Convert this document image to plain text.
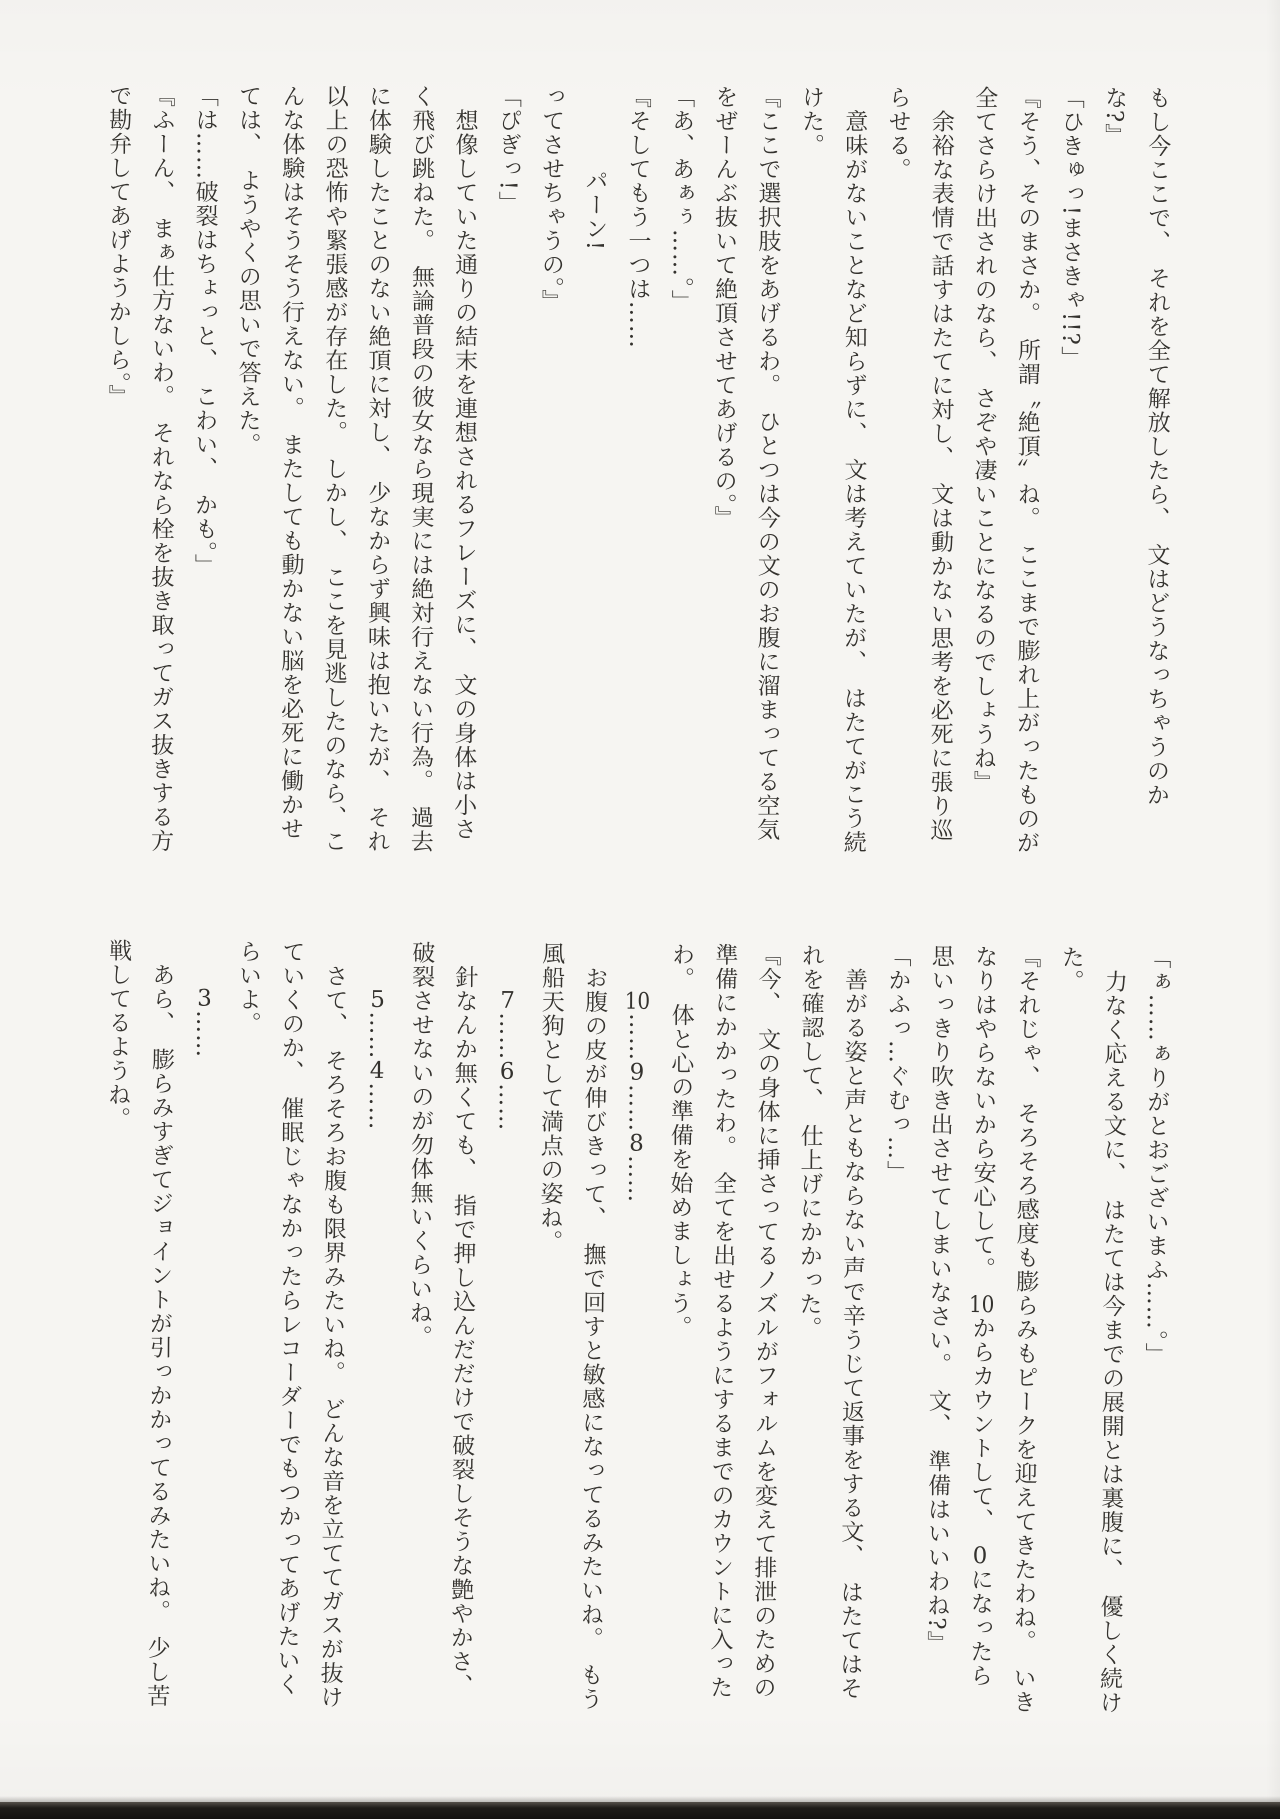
もし今ここで、　それを全て解放したら、　文はどうなっちゃうのか

な?』

「ひきゅっ!まさきゃ!!?」

『そう、そのまさか。　所謂〝絶頂〟ね。　ここまで膨れ上がったものが

全てさらけ出されのなら、　さぞや凄いことになるのでしょうね』

余裕な表情で話すはたてに対し、　文は動かない思考を必死に張り巡

らせる。

意味がないことなど知らずに、　文は考えていたが、　はたてがこう続

けた。

『ここで選択肢をあげるわ。　ひとつは今の文のお腹に溜まってる空気

をぜーんぶ抜いて絶頂させてあげるの。』

「あ、あぁぅ……。」

『そしてもう一つは……

パーン!

ってさせちゃうの。』

「ぴぎっ!」

想像していた通りの結末を連想されるフレーズに、　文の身体は小さ

く飛び跳ねた。　無論普段の彼女なら現実には絶対行えない行為。　過去

に体験したことのない絶頂に対し、　少なからず興味は抱いたが、　それ

以上の恐怖や緊張感が存在した。　しかし、　ここを見逃したのなら、こ

んな体験はそうそう行えない。　またしても動かない脳を必死に働かせ

ては、　ようやくの思いで答えた。

「は……破裂はちょっと、　こわい、　かも。」

『ふーん、　まぁ仕方ないわ。　それなら栓を抜き取ってガス抜きする方

で勘弁してあげようかしら。』

「ぁ……ぁりがとおございまふ……。」

力なく応える文に、　はたては今までの展開とは裏腹に、　優しく続け

た。

『それじゃ、　そろそろ感度も膨らみもピークを迎えてきたわね。　いき

なりはやらないから安心して。　10からカウントして、　0になったら

思いっきり吹き出させてしまいなさい。　文、　準備はいいわね?』

「かふっ…ぐむっ…」

善がる姿と声ともならない声で辛うじて返事をする文、　はたてはそ

れを確認して、　仕上げにかかった。

『今、　文の身体に挿さってるノズルがフォルムを変えて排泄のための

準備にかかったわ。　全てを出せるようにするまでのカウントに入った

わ。　体と心の準備を始めましょう。

10……9……8……

お腹の皮が伸びきって、　撫で回すと敏感になってるみたいね。　もう

風船天狗として満点の姿ね。

7……6……

針なんか無くても、　指で押し込んだだけで破裂しそうな艶やかさ、

破裂させないのが勿体無いくらいね。

5……4……

さて、　そろそろお腹も限界みたいね。　どんな音を立ててガスが抜け

ていくのか、　催眠じゃなかったらレコーダーでもつかってあげたいく

らいよ。

3……

あら、　膨らみすぎてジョイントが引っかかってるみたいね。　少し苦

戦してるようね。
